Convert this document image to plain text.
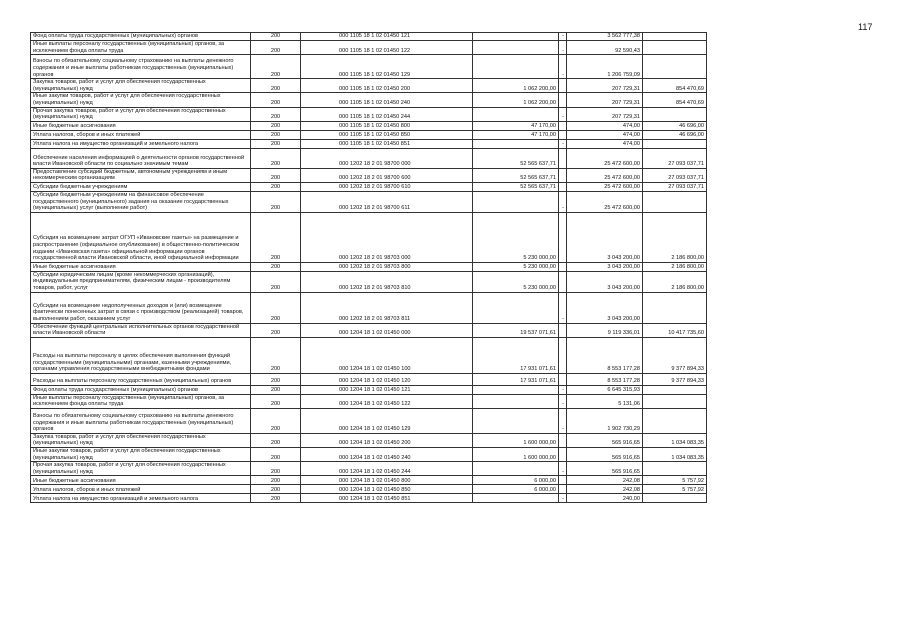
117
Фонд оплаты труда государственных (муниципальных) органов	200	000 1105 18 1 02 01450 121		-	3 562 777,38	
Иные выплаты персоналу государственных (муниципальных) органов, за исключением фонда оплаты труда	200	000 1105 18 1 02 01450 122		-	92 590,43	
Взносы по обязательному социальному страхованию на выплаты денежного содержания и иные выплаты работникам государственных (муниципальных) органов	200	000 1105 18 1 02 01450 129		-	1 206 759,09	
Закупка товаров, работ и услуг для обеспечения государственных (муниципальных) нужд	200	000 1105 18 1 02 01450 200	1 062 200,00		207 729,31	854 470,69
Иные закупки товаров, работ и услуг для обеспечения государственных (муниципальных) нужд	200	000 1105 18 1 02 01450 240	1 062 200,00		207 729,31	854 470,69
Прочая закупка товаров, работ и услуг для обеспечения государственных (муниципальных) нужд	200	000 1105 18 1 02 01450 244		-	207 729,31	
Иные бюджетные ассигнования	200	000 1105 18 1 02 01450 800	47 170,00		474,00	46 696,00
Уплата налогов, сборов и иных платежей	200	000 1105 18 1 02 01450 850	47 170,00		474,00	46 696,00
Уплата налога на имущество организаций и земельного налога	200	000 1105 18 1 02 01450 851		-	474,00	
Обеспечение населения информацией о деятельности органов государственной власти Ивановской области по социально значимым темам	200	000 1202 18 2 01 98700 000	52 565 637,71		25 472 600,00	27 093 037,71
Предоставление субсидий бюджетным, автономным учреждениям и иным некоммерческим организациям	200	000 1202 18 2 01 98700 600	52 565 637,71		25 472 600,00	27 093 037,71
Субсидии бюджетным учреждениям	200	000 1202 18 2 01 98700 610	52 565 637,71		25 472 600,00	27 093 037,71
Субсидии бюджетным учреждениям на финансовое обеспечение государственного (муниципального) задания на оказание государственных (муниципальных) услуг (выполнение работ)	200	000 1202 18 2 01 98700 611		-	25 472 600,00	
Субсидия на возмещение затрат ОГУП «Ивановские газеты» на размещение и распространение (официальное опубликование) в общественно-политическом издании «Ивановская газета» официальной информации органов государственной власти Ивановской области, иной официальной информации	200	000 1202 18 2 01 98703 000	5 230 000,00		3 043 200,00	2 186 800,00
Иные бюджетные ассигнования	200	000 1202 18 2 01 98703 800	5 230 000,00		3 043 200,00	2 186 800,00
Субсидии юридическим лицам (кроме некоммерческих организаций), индивидуальным предпринимателям, физическим лицам - производителям товаров, работ, услуг	200	000 1202 18 2 01 98703 810	5 230 000,00		3 043 200,00	2 186 800,00
Субсидии на возмещение недополученных доходов и (или) возмещение фактически понесенных затрат в связи с производством (реализацией) товаров, выполнением работ, оказанием услуг	200	000 1202 18 2 01 98703 811		-	3 043 200,00	
Обеспечение функций центральных исполнительных органов государственной власти Ивановской области	200	000 1204 18 1 02 01450 000	19 537 071,61		9 119 336,01	10 417 735,60
Расходы на выплаты персоналу в целях обеспечения выполнения функций государственными (муниципальными) органами, казенными учреждениями, органами управления государственными внебюджетными фондами	200	000 1204 18 1 02 01450 100	17 931 071,61		8 553 177,28	9 377 894,33
Расходы на выплаты персоналу государственных (муниципальных) органов	200	000 1204 18 1 02 01450 120	17 931 071,61		8 553 177,28	9 377 894,33
Фонд оплаты труда государственных (муниципальных) органов	200	000 1204 18 1 02 01450 121		-	6 645 315,93	
Иные выплаты персоналу государственных (муниципальных) органов, за исключением фонда оплаты труда	200	000 1204 18 1 02 01450 122		-	5 131,06	
Взносы по обязательному социальному страхованию на выплаты денежного содержания и иные выплаты работникам государственных (муниципальных) органов	200	000 1204 18 1 02 01450 129		-	1 902 730,29	
Закупка товаров, работ и услуг для обеспечения государственных (муниципальных) нужд	200	000 1204 18 1 02 01450 200	1 600 000,00		565 916,65	1 034 083,35
Иные закупки товаров, работ и услуг для обеспечения государственных (муниципальных) нужд	200	000 1204 18 1 02 01450 240	1 600 000,00		565 916,65	1 034 083,35
Прочая закупка товаров, работ и услуг для обеспечения государственных (муниципальных) нужд	200	000 1204 18 1 02 01450 244		-	565 916,65	
Иные бюджетные ассигнования	200	000 1204 18 1 02 01450 800	6 000,00		242,08	5 757,92
Уплата налогов, сборов и иных платежей	200	000 1204 18 1 02 01450 850	6 000,00		242,08	5 757,92
Уплата налога на имущество организаций и земельного налога	200	000 1204 18 1 02 01450 851		-	240,00	
